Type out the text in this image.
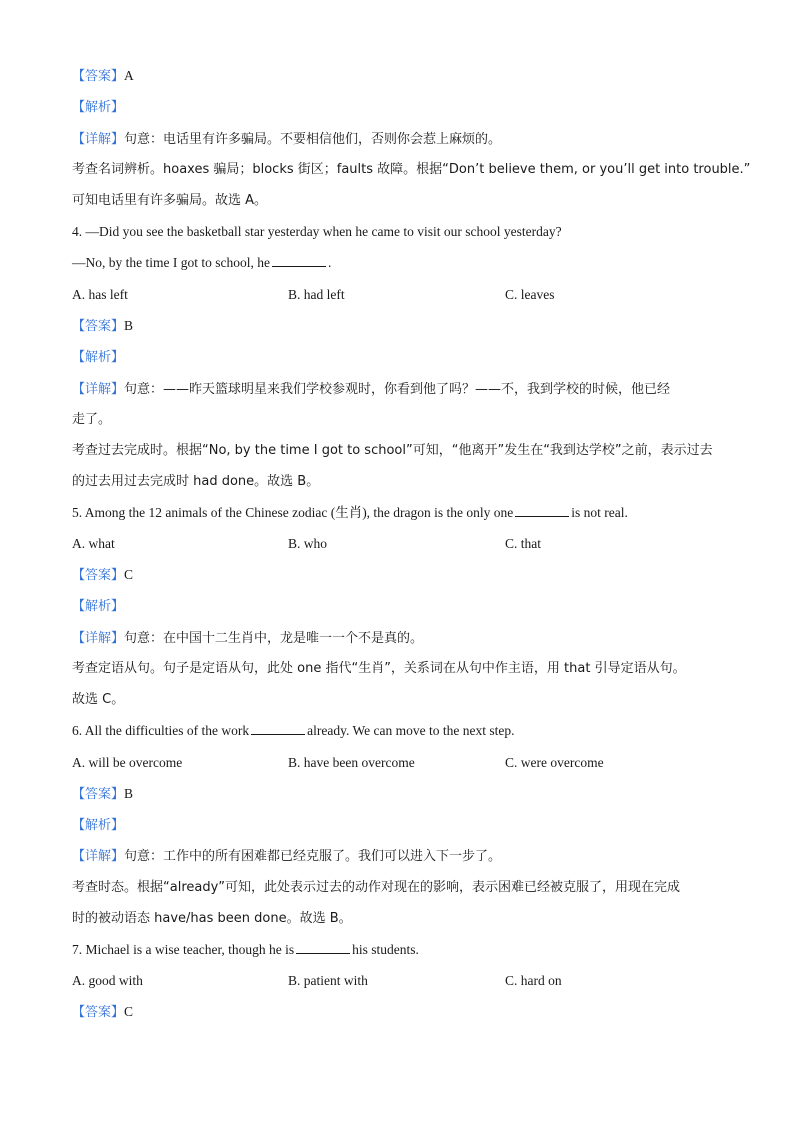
【答案】A
【解析】
【详解】句意：电话里有许多骗局。不要相信他们，否则你会惹上麻烦的。
考查名词辨析。hoaxes 骗局；blocks 街区；faults 故障。根据“Don’t believe them, or you’ll get into trouble.”
可知电话里有许多骗局。故选 A。
4. —Did you see the basketball star yesterday when he came to visit our school yesterday?
—No, by the time I got to school, he	.
A. has left	B. had left	C. leaves
【答案】B
【解析】
【详解】句意：——昨天篮球明星来我们学校参观时，你看到他了吗？——不，我到学校的时候，他已经
走了。
考查过去完成时。根据“No, by the time I got to school”可知，“他离开”发生在“我到达学校”之前，表示过去
的过去用过去完成时 had done。故选 B。
5. Among the 12 animals of the Chinese zodiac (生肖), the dragon is the only one	is not real.
A. what	B. who	C. that
【答案】C
【解析】
【详解】句意：在中国十二生肖中，龙是唯一一个不是真的。
考查定语从句。句子是定语从句，此处 one 指代“生肖”，关系词在从句中作主语，用 that 引导定语从句。
故选 C。
6. All the difficulties of the work	already. We can move to the next step.
A. will be overcome	B. have been overcome	C. were overcome
【答案】B
【解析】
【详解】句意：工作中的所有困难都已经克服了。我们可以进入下一步了。
考查时态。根据“already”可知，此处表示过去的动作对现在的影响，表示困难已经被克服了，用现在完成
时的被动语态 have/has been done。故选 B。
7. Michael is a wise teacher, though he is	his students.
A. good with	B. patient with	C. hard on
【答案】C
